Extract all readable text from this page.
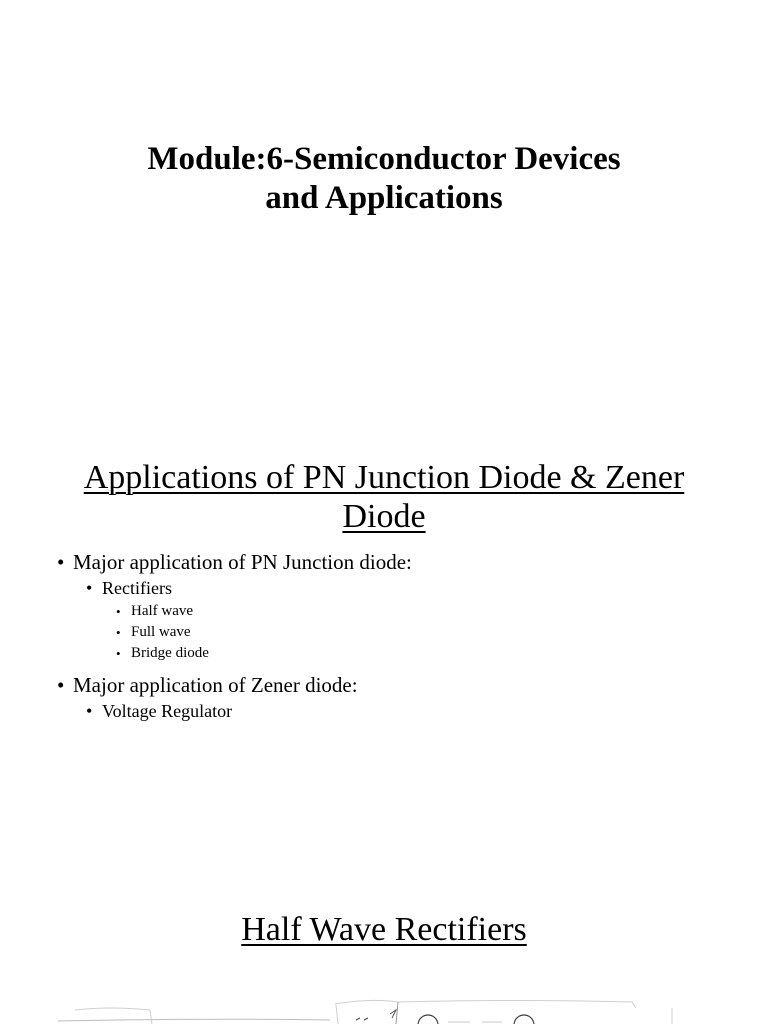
Module:6-Semiconductor Devices
and Applications
Applications of PN Junction Diode & Zener
Diode
• Major application of PN Junction diode:
• Rectifiers
• Half wave
• Full wave
• Bridge diode
• Major application of Zener diode:
• Voltage Regulator
Half Wave Rectifiers
